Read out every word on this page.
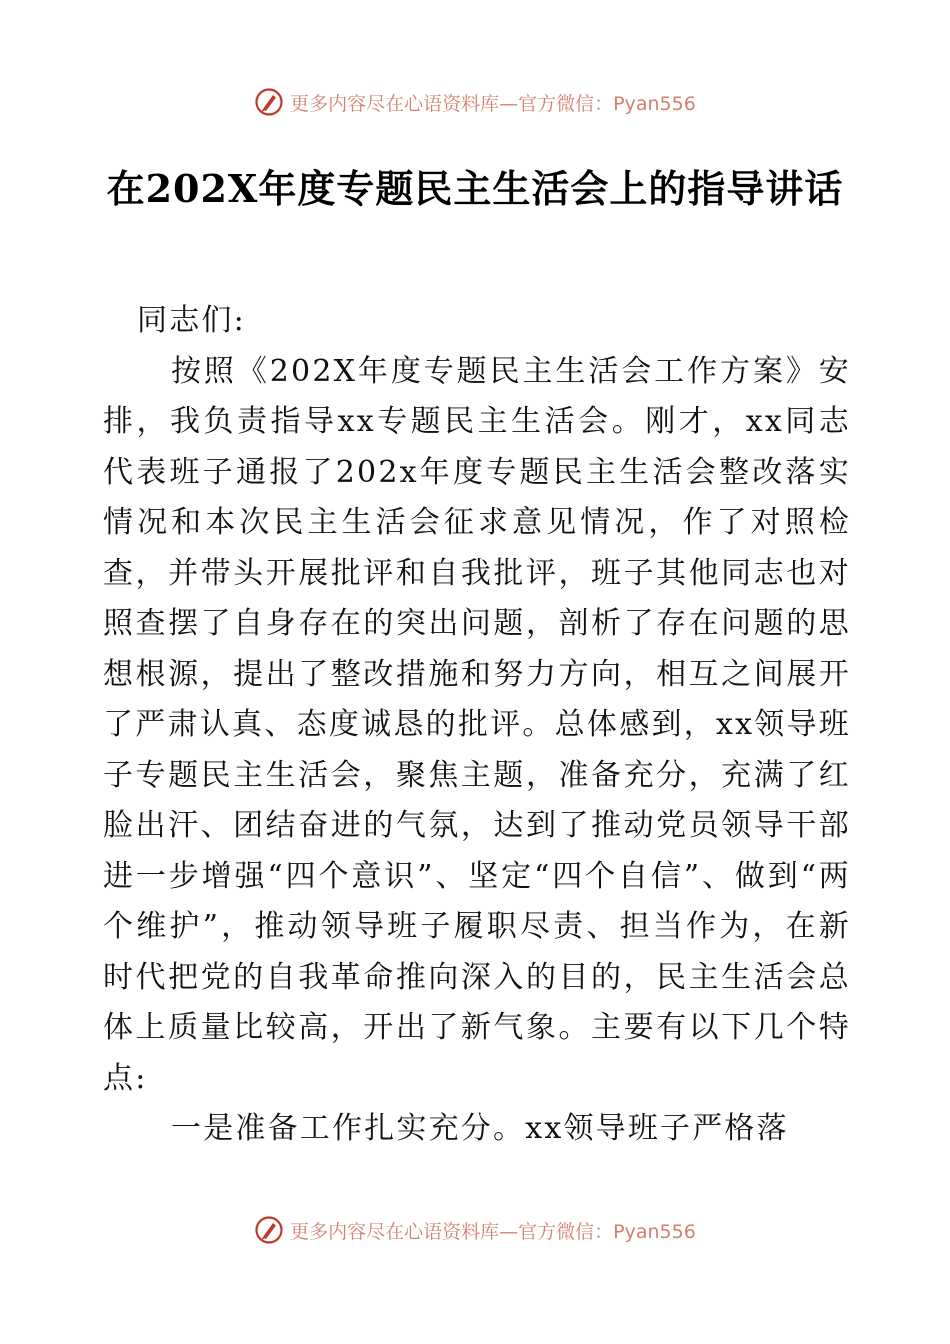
更多内容尽在心语资料库—官方微信：Pyan556
在202X年度专题民主生活会上的指导讲话

同志们:

按照《202X年度专题民主生活会工作方案》安排，我负责指导xx专题民主生活会。刚才，xx同志代表班子通报了202x年度专题民主生活会整改落实情况和本次民主生活会征求意见情况，作了对照检查，并带头开展批评和自我批评，班子其他同志也对照查摆了自身存在的突出问题，剖析了存在问题的思想根源，提出了整改措施和努力方向，相互之间展开了严肃认真、态度诚恳的批评。总体感到，xx领导班子专题民主生活会，聚焦主题，准备充分，充满了红脸出汗、团结奋进的气氛，达到了推动党员领导干部进一步增强“四个意识”、坚定“四个自信”、做到“两个维护”，推动领导班子履职尽责、担当作为，在新时代把党的自我革命推向深入的目的，民主生活会总体上质量比较高，开出了新气象。主要有以下几个特点:

一是准备工作扎实充分。xx领导班子严格落

更多内容尽在心语资料库—官方微信：Pyan556
